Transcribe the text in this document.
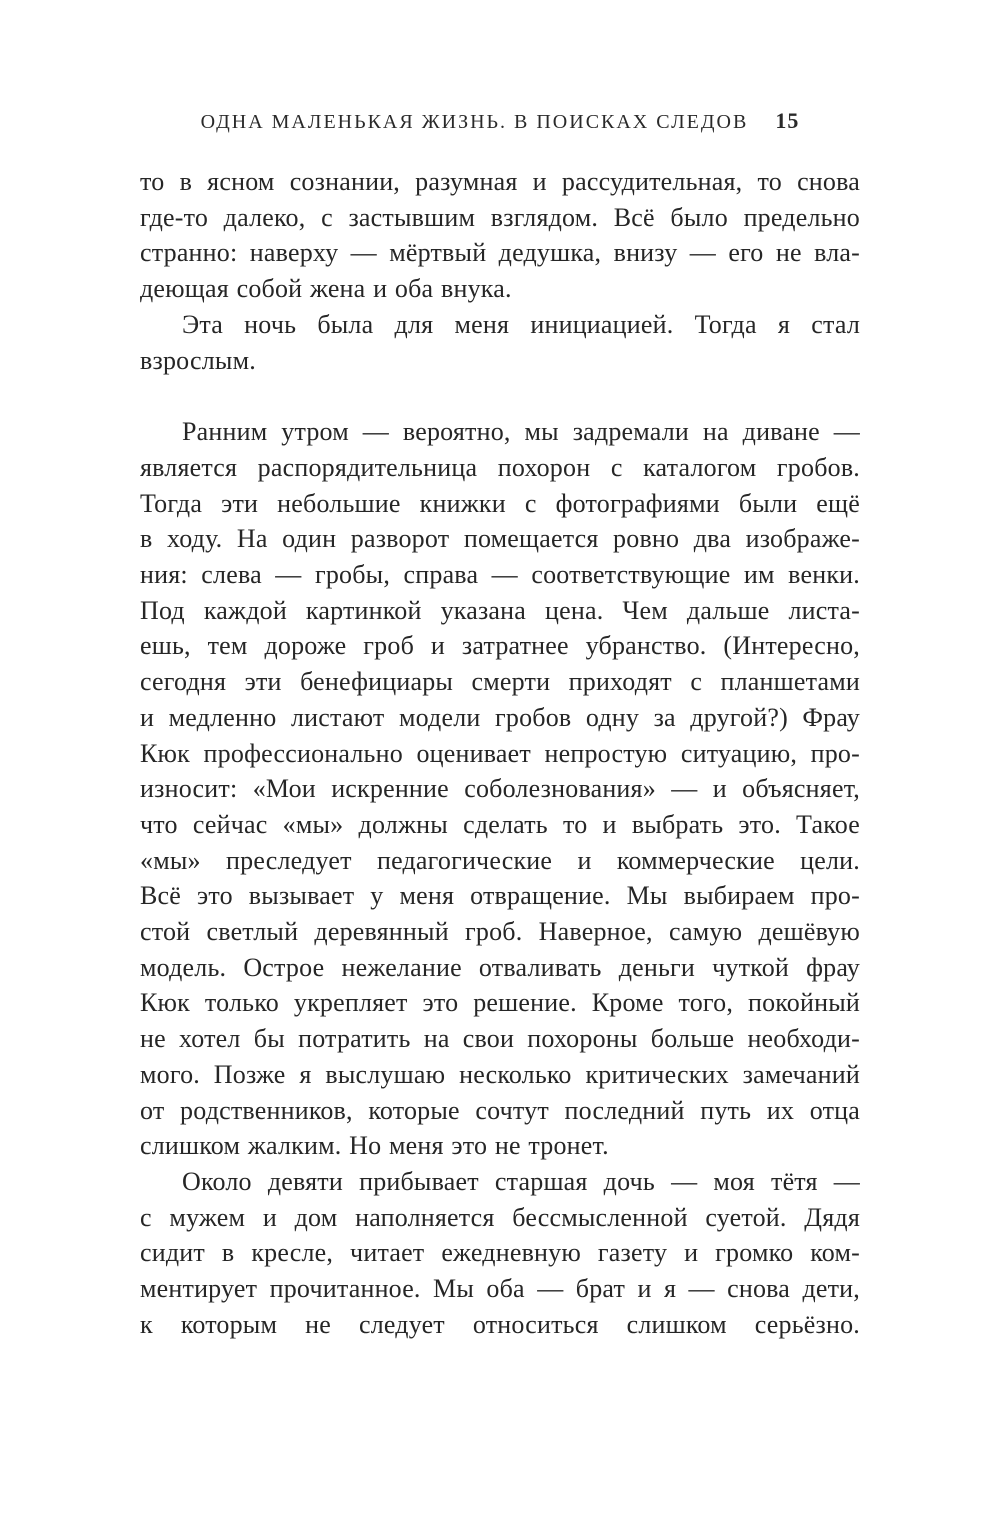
ОДНА МАЛЕНЬКАЯ ЖИЗНЬ. В ПОИСКАХ СЛЕДОВ 15
то в ясном сознании, разумная и рассудительная, то снова
где-то далеко, с застывшим взглядом. Всё было предельно
странно: наверху — мёртвый дедушка, внизу — его не вла-
деющая собой жена и оба внука.
Эта ночь была для меня инициацией. Тогда я стал
взрослым.
Ранним утром — вероятно, мы задремали на диване —
является распорядительница похорон с каталогом гробов.
Тогда эти небольшие книжки с фотографиями были ещё
в ходу. На один разворот помещается ровно два изображе-
ния: слева — гробы, справа — соответствующие им венки.
Под каждой картинкой указана цена. Чем дальше листа-
ешь, тем дороже гроб и затратнее убранство. (Интересно,
сегодня эти бенефициары смерти приходят с планшетами
и медленно листают модели гробов одну за другой?) Фрау
Кюк профессионально оценивает непростую ситуацию, про-
износит: «Мои искренние соболезнования» — и объясняет,
что сейчас «мы» должны сделать то и выбрать это. Такое
«мы» преследует педагогические и коммерческие цели.
Всё это вызывает у меня отвращение. Мы выбираем про-
стой светлый деревянный гроб. Наверное, самую дешёвую
модель. Острое нежелание отваливать деньги чуткой фрау
Кюк только укрепляет это решение. Кроме того, покойный
не хотел бы потратить на свои похороны больше необходи-
мого. Позже я выслушаю несколько критических замечаний
от родственников, которые сочтут последний путь их отца
слишком жалким. Но меня это не тронет.
Около девяти прибывает старшая дочь — моя тётя —
с мужем и дом наполняется бессмысленной суетой. Дядя
сидит в кресле, читает ежедневную газету и громко ком-
ментирует прочитанное. Мы оба — брат и я — снова дети,
к которым не следует относиться слишком серьёзно.
